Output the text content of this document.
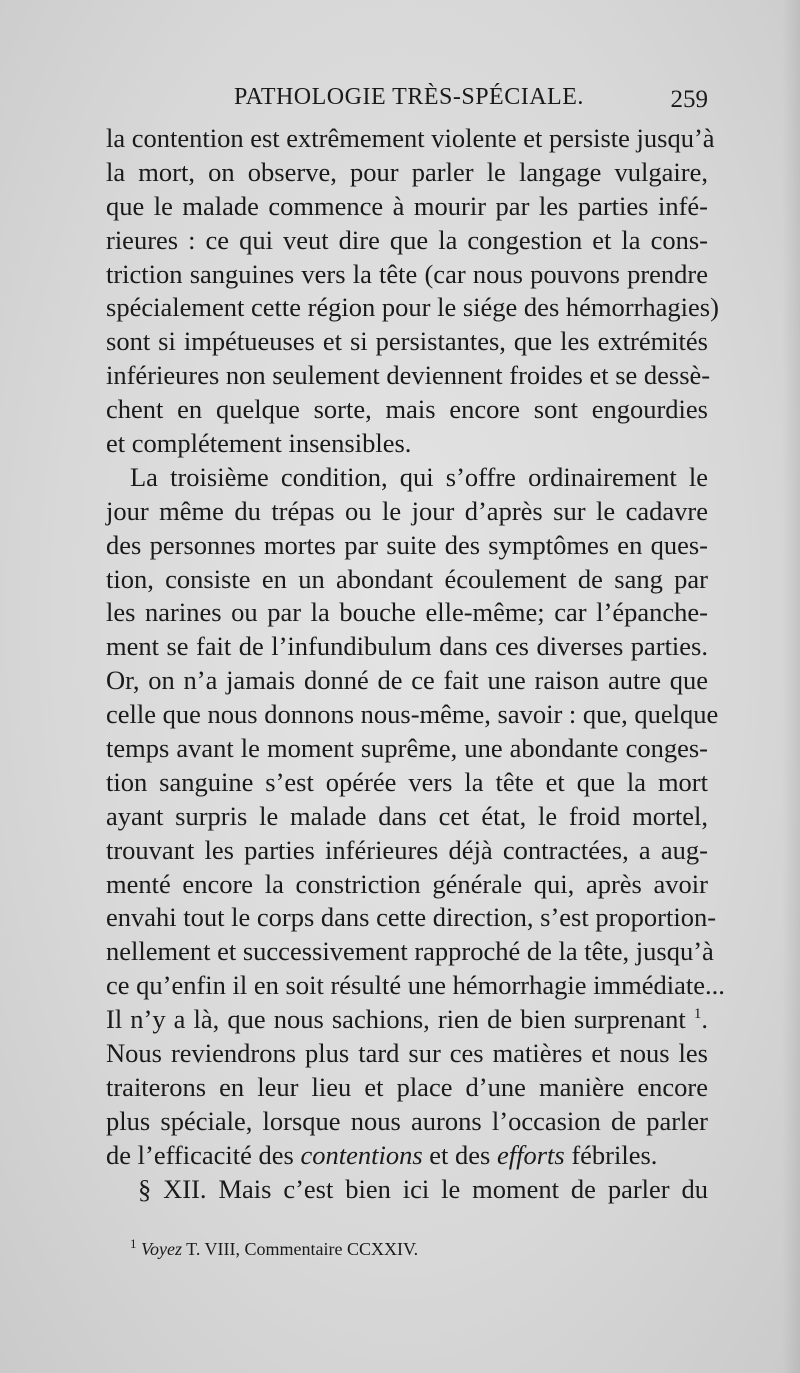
PATHOLOGIE TRÈS-SPÉCIALE.	259
la contention est extrêmement violente et persiste jusqu’à
la mort, on observe, pour parler le langage vulgaire,
que le malade commence à mourir par les parties infé-
rieures : ce qui veut dire que la congestion et la cons-
triction sanguines vers la tête (car nous pouvons prendre
spécialement cette région pour le siége des hémorrhagies)
sont si impétueuses et si persistantes, que les extrémités
inférieures non seulement deviennent froides et se dessè-
chent en quelque sorte, mais encore sont engourdies
et complétement insensibles.
La troisième condition, qui s’offre ordinairement le
jour même du trépas ou le jour d’après sur le cadavre
des personnes mortes par suite des symptômes en ques-
tion, consiste en un abondant écoulement de sang par
les narines ou par la bouche elle-même; car l’épanche-
ment se fait de l’infundibulum dans ces diverses parties.
Or, on n’a jamais donné de ce fait une raison autre que
celle que nous donnons nous-même, savoir : que, quelque
temps avant le moment suprême, une abondante conges-
tion sanguine s’est opérée vers la tête et que la mort
ayant surpris le malade dans cet état, le froid mortel,
trouvant les parties inférieures déjà contractées, a aug-
menté encore la constriction générale qui, après avoir
envahi tout le corps dans cette direction, s’est proportion-
nellement et successivement rapproché de la tête, jusqu’à
ce qu’enfin il en soit résulté une hémorrhagie immédiate...
Il n’y a là, que nous sachions, rien de bien surprenant $^1$.
Nous reviendrons plus tard sur ces matières et nous les
traiterons en leur lieu et place d’une manière encore
plus spéciale, lorsque nous aurons l’occasion de parler
de l’efficacité des contentions et des efforts fébriles.
§ XII. Mais c’est bien ici le moment de parler du
$^1$ Voyez T. VIII, Commentaire CCXXIV.
